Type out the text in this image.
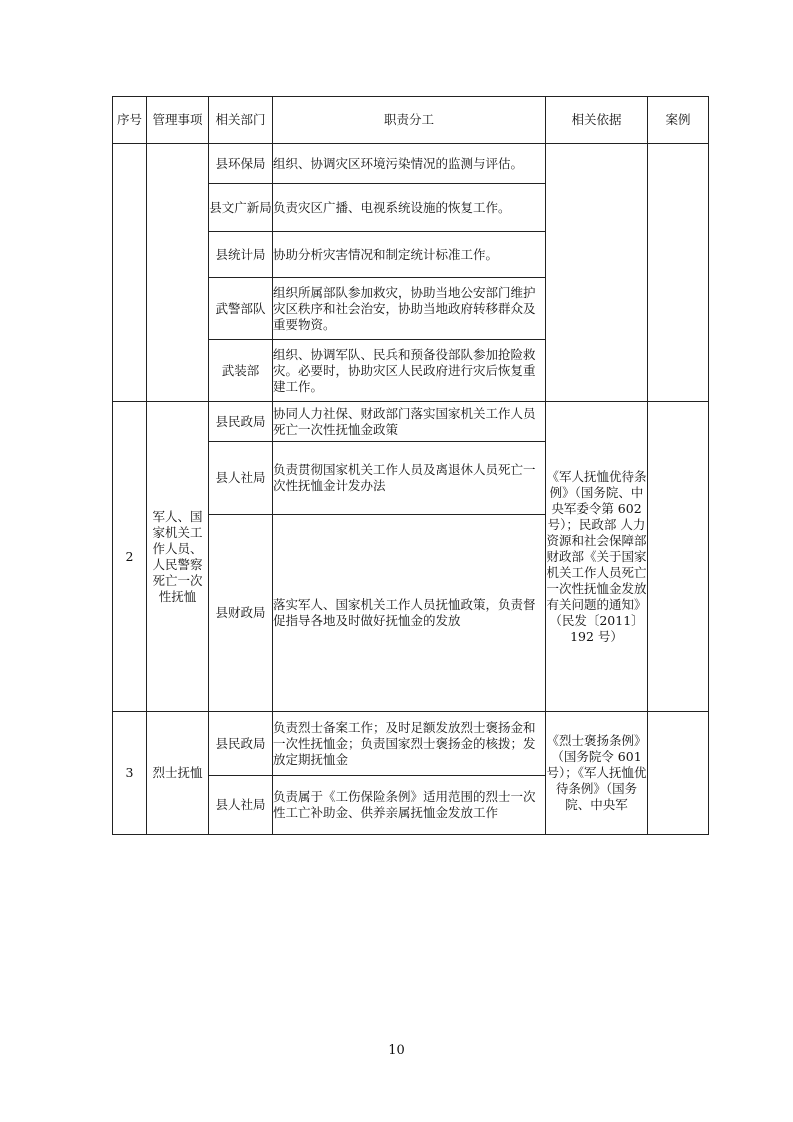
序号	管理事项	相关部门	职责分工	相关依据	案例
		县环保局	组织、协调灾区环境污染情况的监测与评估。		
		县文广新局	负责灾区广播、电视系统设施的恢复工作。		
		县统计局	协助分析灾害情况和制定统计标准工作。		
		武警部队	组织所属部队参加救灾，协助当地公安部门维护灾区秩序和社会治安，协助当地政府转移群众及重要物资。		
		武装部	组织、协调军队、民兵和预备役部队参加抢险救灾。必要时，协助灾区人民政府进行灾后恢复重建工作。		
2	军人、国家机关工作人员、人民警察死亡一次性抚恤	县民政局	协同人力社保、财政部门落实国家机关工作人员死亡一次性抚恤金政策	《军人抚恤优待条例》（国务院、中央军委令第 602 号）；民政部 人力资源和社会保障部 财政部《关于国家机关工作人员死亡一次性抚恤金发放有关问题的通知》（民发〔2011〕192 号）	
		县人社局	负责贯彻国家机关工作人员及离退休人员死亡一次性抚恤金计发办法		
		县财政局	落实军人、国家机关工作人员抚恤政策，负责督促指导各地及时做好抚恤金的发放		
3	烈士抚恤	县民政局	负责烈士备案工作；及时足额发放烈士褒扬金和一次性抚恤金；负责国家烈士褒扬金的核拨；发放定期抚恤金	《烈士褒扬条例》（国务院令 601 号）；《军人抚恤优待条例》（国务院、中央军	
		县人社局	负责属于《工伤保险条例》适用范围的烈士一次性工亡补助金、供养亲属抚恤金发放工作		
10
